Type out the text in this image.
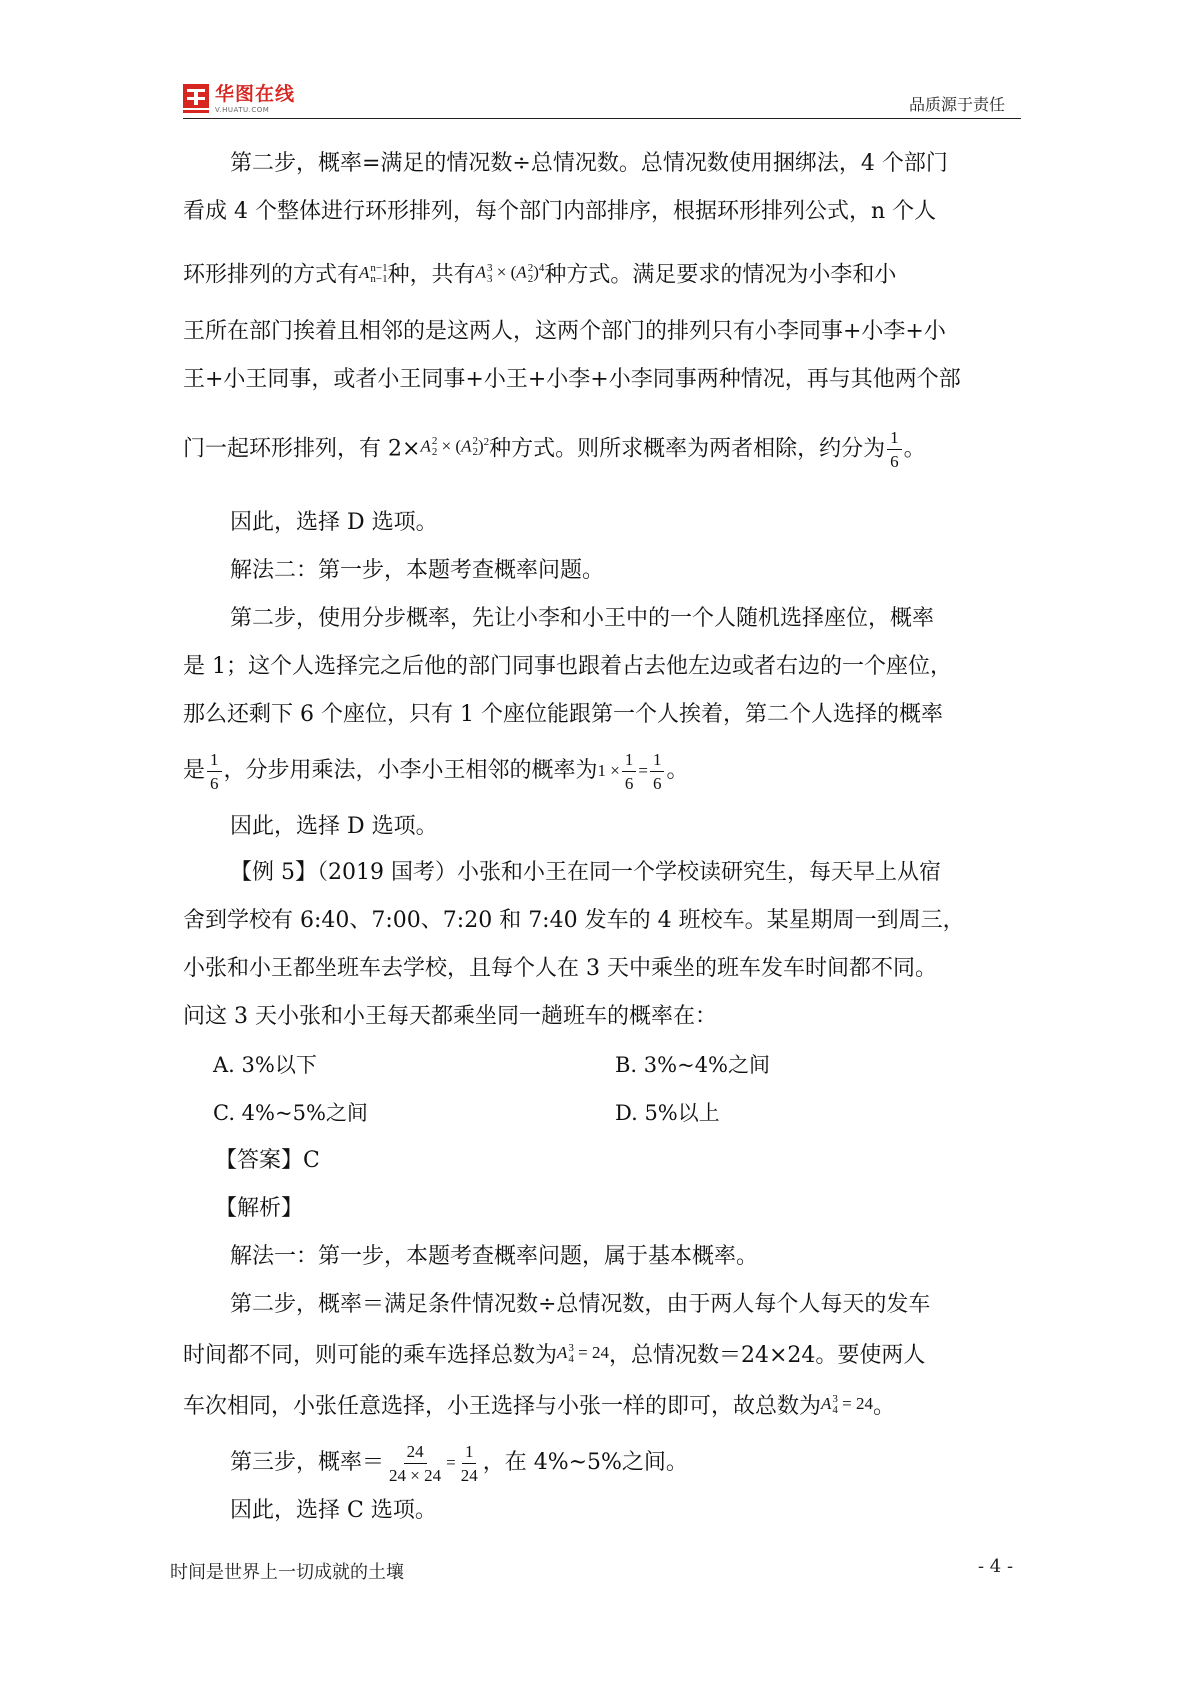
华图在线
V.HUATU.COM	品质源于责任

第二步，概率=满足的情况数÷总情况数。总情况数使用捆绑法，4 个部门

看成 4 个整体进行环形排列，每个部门内部排序，根据环形排列公式，n 个人

环形排列的方式有A n−1
n−1 种，共有A 3
3 × (A 2
2 )$^4$种方式。满足要求的情况为小李和小

王所在部门挨着且相邻的是这两人，这两个部门的排列只有小李同事+小李+小

王+小王同事，或者小王同事+小王+小李+小李同事两种情况，再与其他两个部

门一起环形排列，有 2×A 2
2 × (A 2
2 )$^2$种方式。则所求概率为两者相除，约分为 $\frac{1}{6}$ 。

因此，选择 D 选项。

解法二：第一步，本题考查概率问题。

第二步，使用分步概率，先让小李和小王中的一个人随机选择座位，概率

是 1；这个人选择完之后他的部门同事也跟着占去他左边或者右边的一个座位，

那么还剩下 6 个座位，只有 1 个座位能跟第一个人挨着，第二个人选择的概率

是 $\frac{1}{6}$ ，分步用乘法，小李小王相邻的概率为$1 \times \frac{1}{6} = \frac{1}{6}$ 。

因此，选择 D 选项。

【例 5】（2019 国考）小张和小王在同一个学校读研究生，每天早上从宿

舍到学校有 6:40、7:00、7:20 和 7:40 发车的 4 班校车。某星期周一到周三，

小张和小王都坐班车去学校，且每个人在 3 天中乘坐的班车发车时间都不同。

问这 3 天小张和小王每天都乘坐同一趟班车的概率在：

A. 3%以下	B. 3%~4%之间
C. 4%~5%之间	D. 5%以上

【答案】C

【解析】

解法一：第一步，本题考查概率问题，属于基本概率。

第二步，概率＝满足条件情况数÷总情况数，由于两人每个人每天的发车

时间都不同，则可能的乘车选择总数为A 3
4 = 24，总情况数＝24×24。要使两人

车次相同，小张任意选择，小王选择与小张一样的即可，故总数为A 3
4 = 24。

第三步，概率＝ $\frac{24}{24 \times 24} = \frac{1}{24}$ ，在 4%~5%之间。

因此，选择 C 选项。

时间是世界上一切成就的土壤	- 4 -
